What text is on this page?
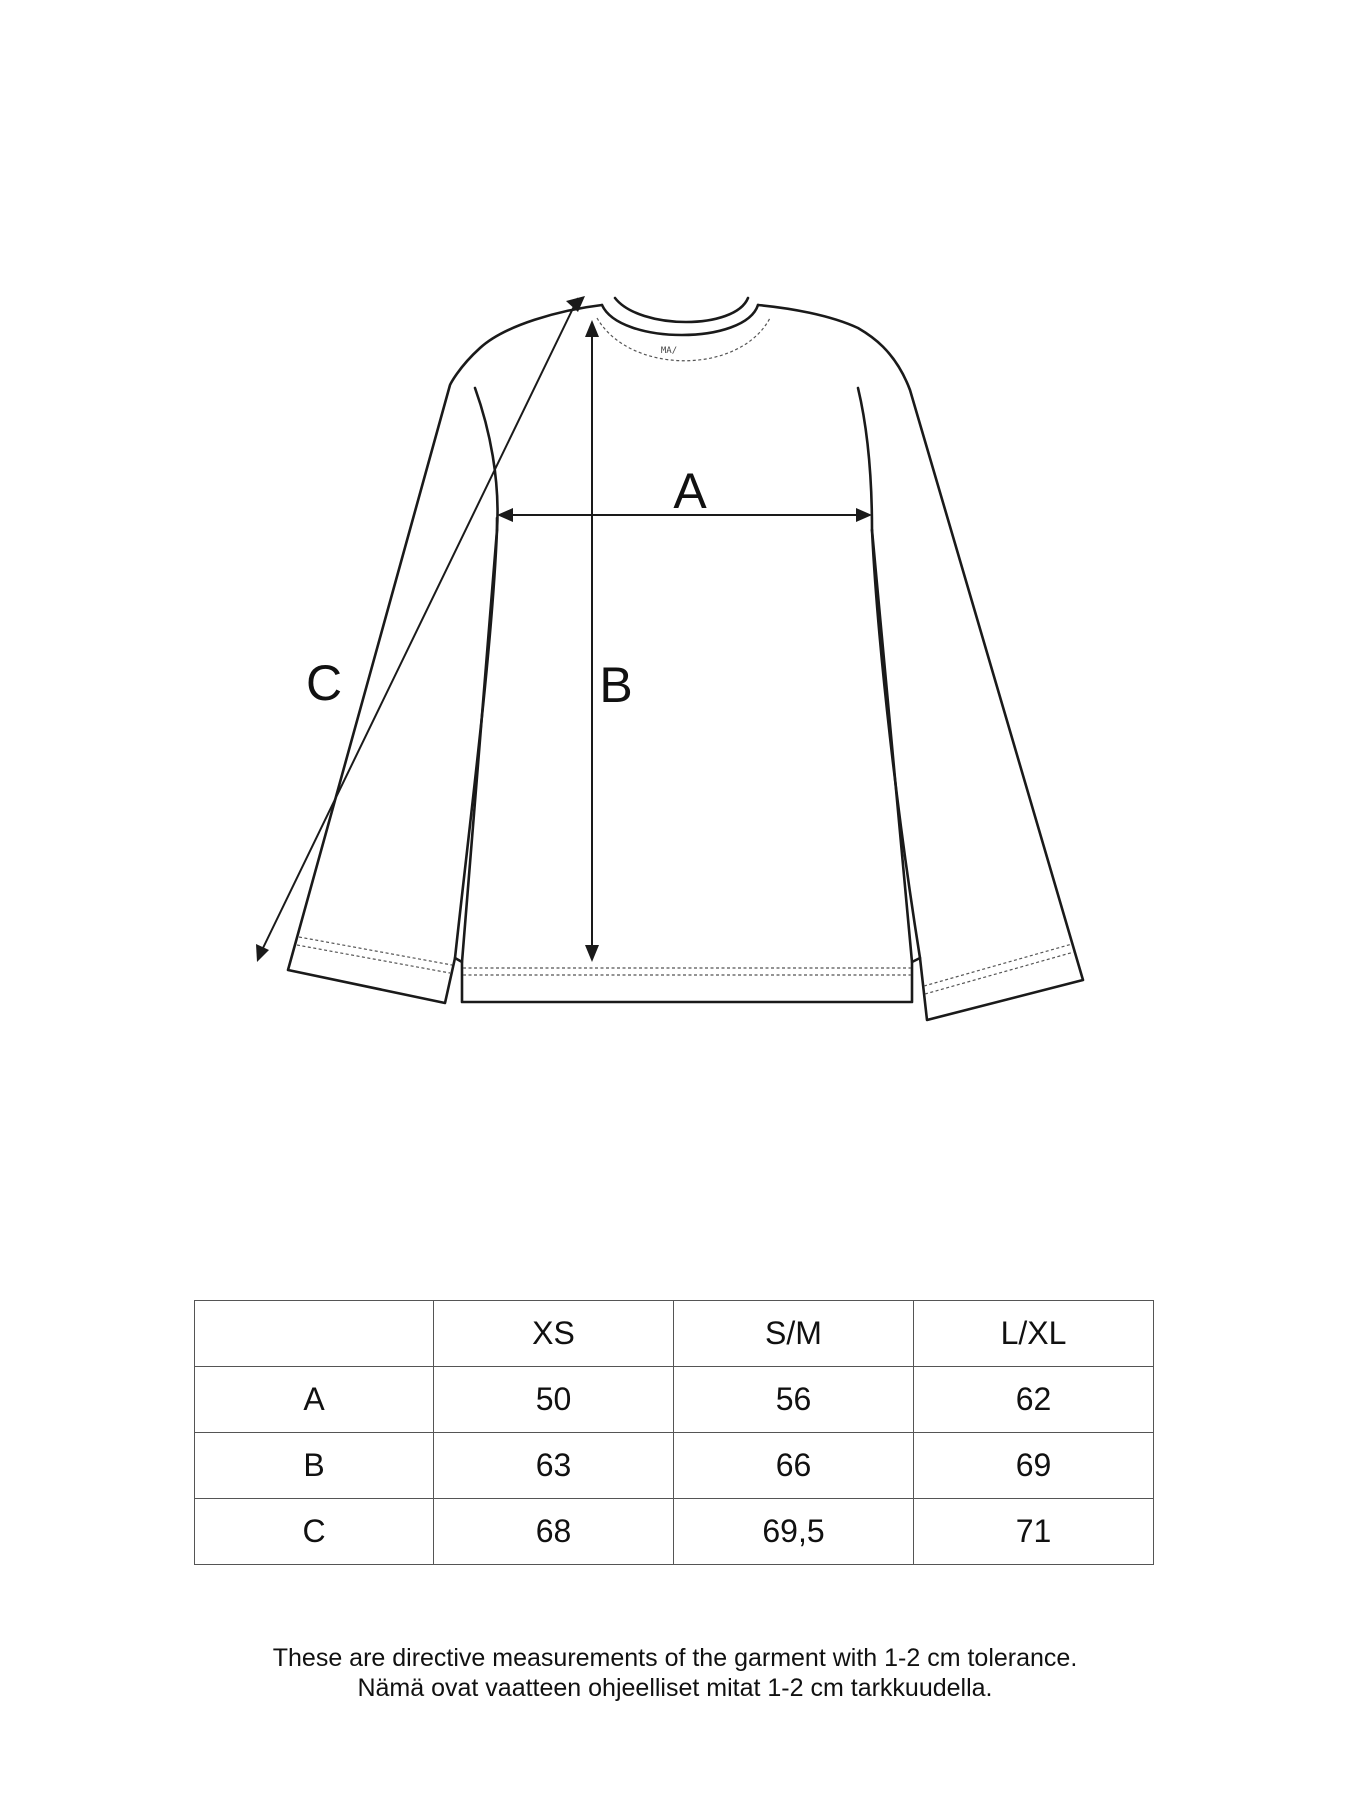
MA/
A
B
C
	XS	S/M	L/XL
A	50	56	62
B	63	66	69
C	68	69,5	71
These are directive measurements of the garment with 1-2 cm tolerance.
Nämä ovat vaatteen ohjeelliset mitat 1-2 cm tarkkuudella.
